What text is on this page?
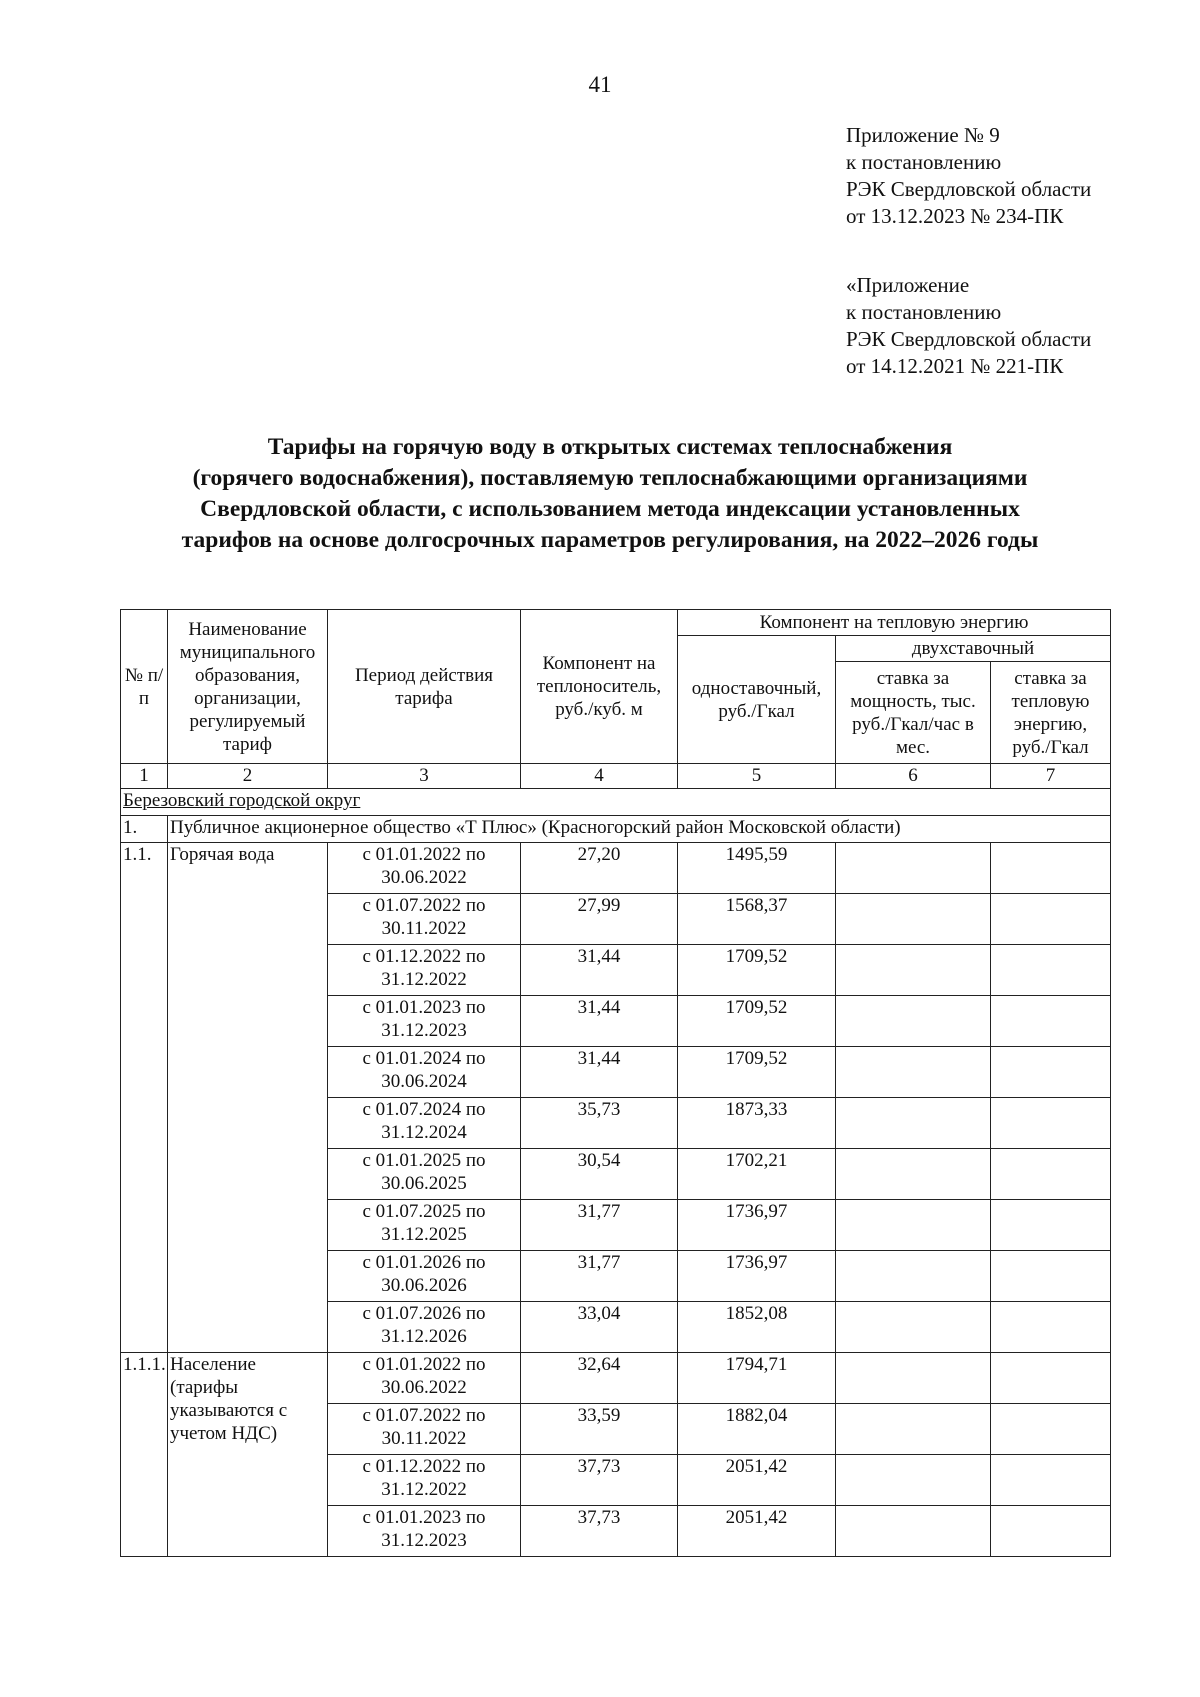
41
Приложение № 9
к постановлению
РЭК Свердловской области
от 13.12.2023 № 234-ПК
«Приложение
к постановлению
РЭК Свердловской области
от 14.12.2021 № 221-ПК
Тарифы на горячую воду в открытых системах теплоснабжения
(горячего водоснабжения), поставляемую теплоснабжающими организациями
Свердловской области, с использованием метода индексации установленных
тарифов на основе долгосрочных параметров регулирования, на 2022–2026 годы
№ п/п	Наименование муниципального образования, организации, регулируемый тариф	Период действия тарифа	Компонент на теплоноситель, руб./куб. м	Компонент на тепловую энергию		
				одноставочный, руб./Гкал	двухставочный	
					ставка за мощность, тыс. руб./Гкал/час в мес.	ставка за тепловую энергию, руб./Гкал
1	2	3	4	5	6	7
Березовский городской округ						
1.	Публичное акционерное общество «Т Плюс» (Красногорский район Московской области)					
1.1.	Горячая вода	с 01.01.2022 по 30.06.2022	27,20	1495,59		
		с 01.07.2022 по 30.11.2022	27,99	1568,37		
		с 01.12.2022 по 31.12.2022	31,44	1709,52		
		с 01.01.2023 по 31.12.2023	31,44	1709,52		
		с 01.01.2024 по 30.06.2024	31,44	1709,52		
		с 01.07.2024 по 31.12.2024	35,73	1873,33		
		с 01.01.2025 по 30.06.2025	30,54	1702,21		
		с 01.07.2025 по 31.12.2025	31,77	1736,97		
		с 01.01.2026 по 30.06.2026	31,77	1736,97		
		с 01.07.2026 по 31.12.2026	33,04	1852,08		
1.1.1.	Население (тарифы указываются с учетом НДС)	с 01.01.2022 по 30.06.2022	32,64	1794,71		
		с 01.07.2022 по 30.11.2022	33,59	1882,04		
		с 01.12.2022 по 31.12.2022	37,73	2051,42		
		с 01.01.2023 по 31.12.2023	37,73	2051,42		
